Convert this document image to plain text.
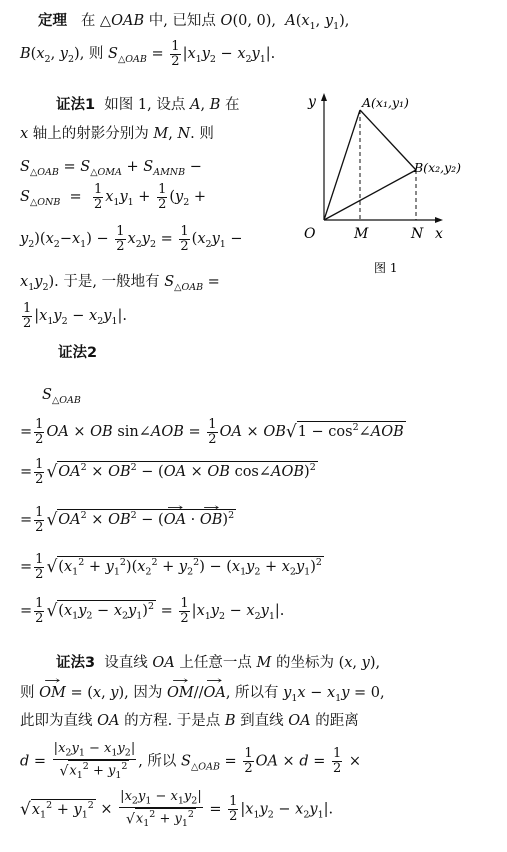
定理   在 △OAB 中, 已知点 O(0, 0),  $A(x_1$, $y_1$),
$B(x_2$, $y_2$), 则 $S_{\triangle OAB} = \frac{1}{2} |x_1y_2 - x_2y_1|$.
证法1  如图 1, 设点 A, B 在
x 轴上的射影分别为 M, N. 则
$S_{\triangle OAB} = S_{\triangle OMA} + S_{AMNB}$ −
$S_{\triangle ONB} = \frac{1}{2} x_1y_1 + \frac{1}{2} (y_2$ +
$y_2)(x_2-x_1) - \frac{1}{2} x_2y_2 = \frac{1}{2} (x_2y_1$ −
$x_1y_2$). 于是, 一般地有 $S_{\triangle OAB}$ =
$\frac{1}{2} |x_1y_2 - x_2y_1|$.
y	A(x₁,y₁)
B(x₂,y₂)
O	M	N x
图 1
证法2
$S_{\triangle OAB}$
= $\frac{1}{2}$ OA × OB sin∠AOB = $\frac{1}{2}$ OA × $OB√1 - \cos^2\angle AOB$
= $\frac{1}{2} √OA^2 \times OB^2 - (OA$ × OB cos∠AOB)$^2$
= $\frac{1}{2} √OA^2 \times OB^2$ − (→ OA · → OB)$^2$
= $\frac{1}{2} √(x_1^2 + y_1^2)(x_2^2 + y_2^2) - (x_1y_2 + x_2y_1)^2$
= $\frac{1}{2} √(x_1y_2 - x_2y_1)^2 = \frac{1}{2} |x_1y_2 - x_2y_1|$.
证法3  设直线 OA 上任意一点 M 的坐标为 (x, y),
则 → OM = (x, y), 因为 → OM//→ OA, 所以有 $y_1x - x_1y = 0$,
此即为直线 OA 的方程. 于是点 B 到直线 OA 的距离
$d = \frac{|x_2y_1 - x_1y_2|}{√x_1^2 + y_1^2}$ , 所以 $S_{\triangle OAB} = \frac{1}{2}$ OA × $d = \frac{1}{2}$ ×
$√x_1^2 + y_1^2 \times \frac{|x_2y_1 - x_1y_2|}{√x_1^2 + y_1^2} = \frac{1}{2} |x_1y_2 - x_2y_1|$.
